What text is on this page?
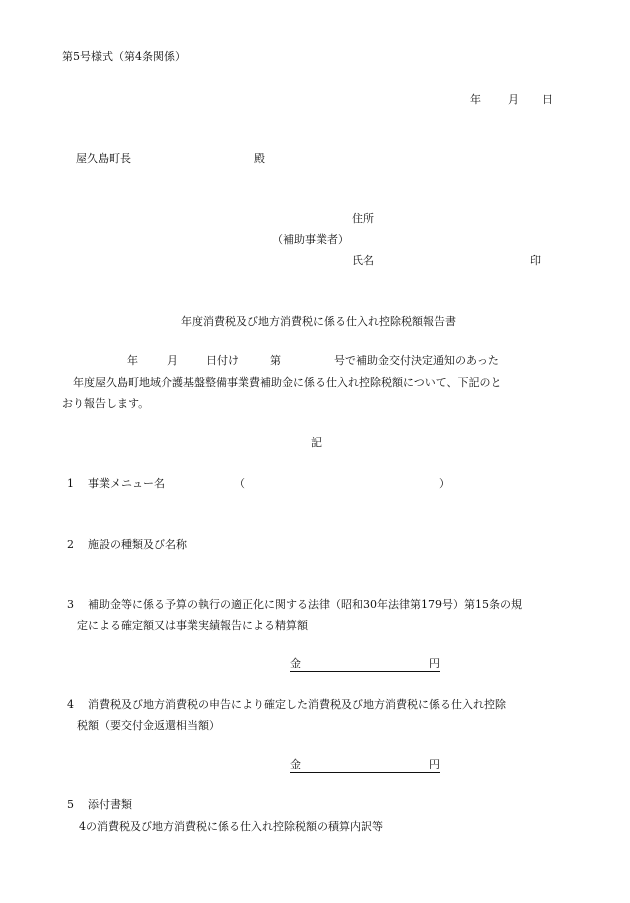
第5号様式（第4条関係）
年 月 日
屋久島町長	殿
住所
（補助事業者）
氏名	印
年度消費税及び地方消費税に係る仕入れ控除税額報告書
年	月	日付け	第	号で補助金交付決定通知のあった
年度屋久島町地域介護基盤整備事業費補助金に係る仕入れ控除税額について、下記のと
おり報告します。
記
1 事業メニュー名	（	）
2 施設の種類及び名称
3 補助金等に係る予算の執行の適正化に関する法律（昭和30年法律第179号）第15条の規
定による確定額又は事業実績報告による精算額
金	円
4 消費税及び地方消費税の申告により確定した消費税及び地方消費税に係る仕入れ控除
税額（要交付金返還相当額）
金	円
5 添付書類
4の消費税及び地方消費税に係る仕入れ控除税額の積算内訳等
